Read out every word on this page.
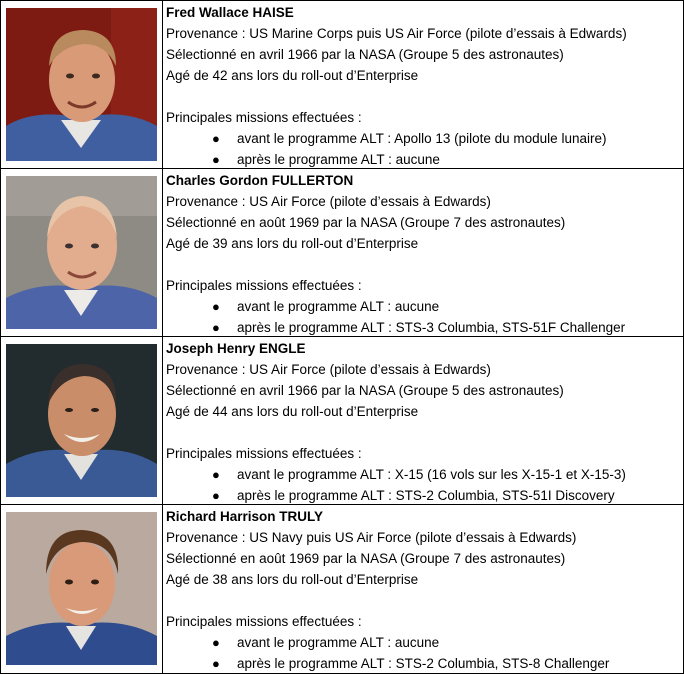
Fred Wallace HAISE
Provenance : US Marine Corps puis US Air Force (pilote d’essais à Edwards)
Sélectionné en avril 1966 par la NASA (Groupe 5 des astronautes)
Agé de 42 ans lors du roll-out d’Enterprise
Principales missions effectuées :
● avant le programme ALT : Apollo 13 (pilote du module lunaire)
● après le programme ALT : aucune
Charles Gordon FULLERTON
Provenance : US Air Force (pilote d’essais à Edwards)
Sélectionné en août 1969 par la NASA (Groupe 7 des astronautes)
Agé de 39 ans lors du roll-out d’Enterprise
Principales missions effectuées :
● avant le programme ALT : aucune
● après le programme ALT : STS-3 Columbia, STS-51F Challenger
Joseph Henry ENGLE
Provenance : US Air Force (pilote d’essais à Edwards)
Sélectionné en avril 1966 par la NASA (Groupe 5 des astronautes)
Agé de 44 ans lors du roll-out d’Enterprise
Principales missions effectuées :
● avant le programme ALT : X-15 (16 vols sur les X-15-1 et X-15-3)
● après le programme ALT : STS-2 Columbia, STS-51I Discovery
Richard Harrison TRULY
Provenance : US Navy puis US Air Force (pilote d’essais à Edwards)
Sélectionné en août 1969 par la NASA (Groupe 7 des astronautes)
Agé de 38 ans lors du roll-out d’Enterprise
Principales missions effectuées :
● avant le programme ALT : aucune
● après le programme ALT : STS-2 Columbia, STS-8 Challenger
